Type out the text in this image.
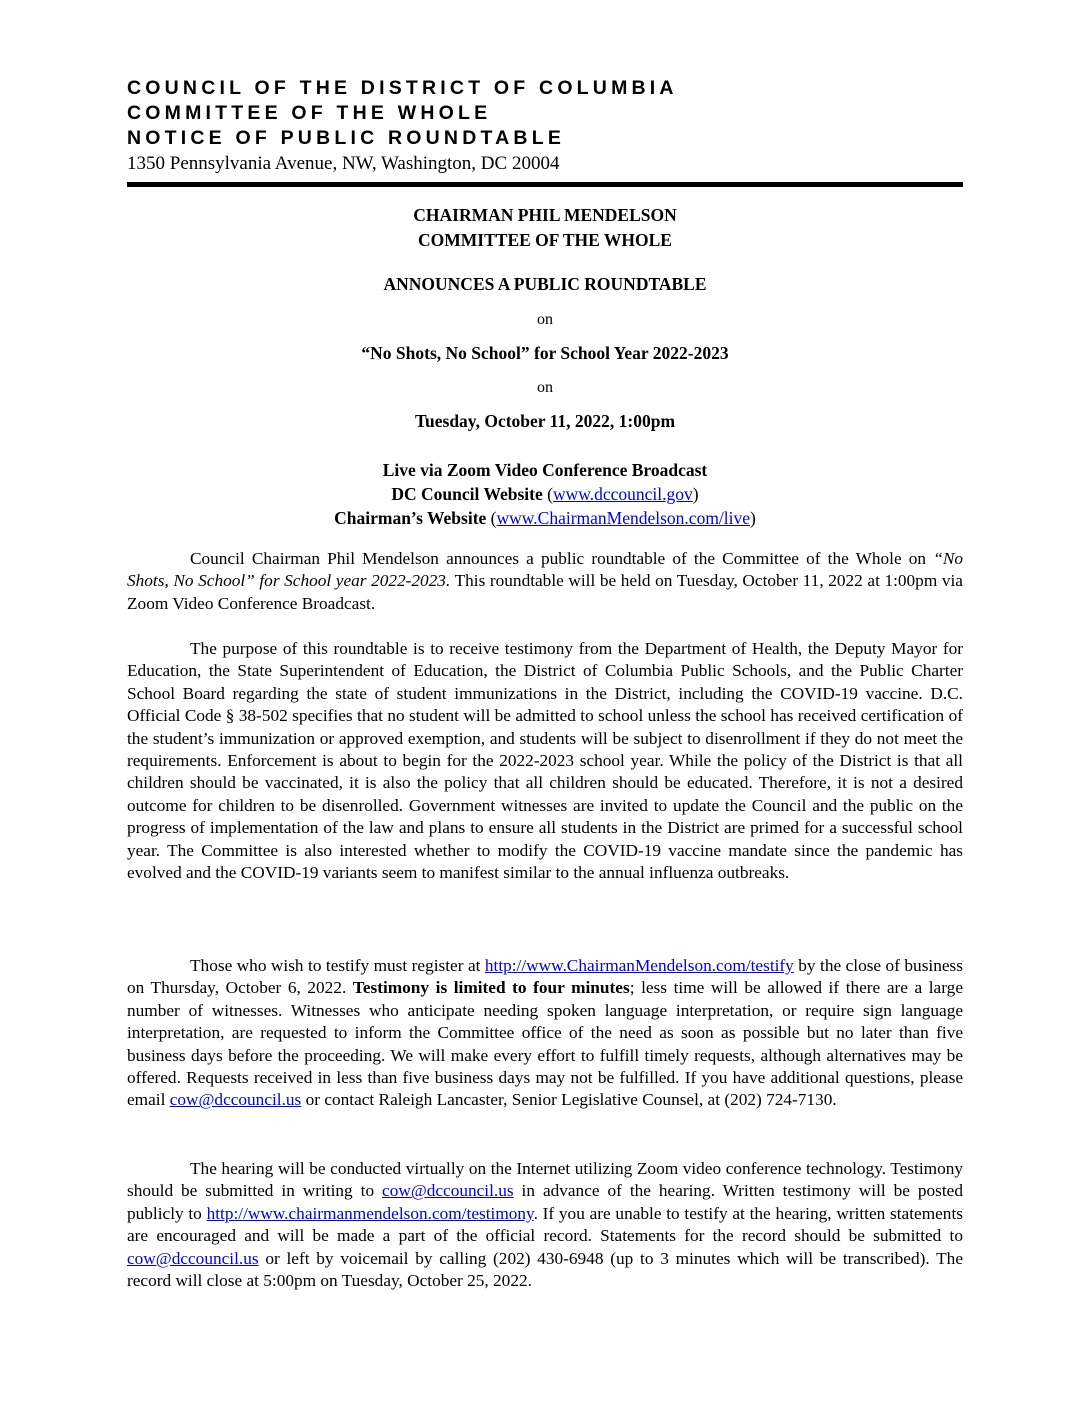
COUNCIL OF THE DISTRICT OF COLUMBIA
COMMITTEE OF THE WHOLE
NOTICE OF PUBLIC ROUNDTABLE
1350 Pennsylvania Avenue, NW, Washington, DC 20004
CHAIRMAN PHIL MENDELSON
COMMITTEE OF THE WHOLE
ANNOUNCES A PUBLIC ROUNDTABLE
on
“No Shots, No School” for School Year 2022-2023
on
Tuesday, October 11, 2022, 1:00pm
Live via Zoom Video Conference Broadcast
DC Council Website (www.dccouncil.gov)
Chairman’s Website (www.ChairmanMendelson.com/live)

Council Chairman Phil Mendelson announces a public roundtable of the Committee of the Whole on “No Shots, No School” for School year 2022-2023. This roundtable will be held on Tuesday, October 11, 2022 at 1:00pm via Zoom Video Conference Broadcast.

The purpose of this roundtable is to receive testimony from the Department of Health, the Deputy Mayor for Education, the State Superintendent of Education, the District of Columbia Public Schools, and the Public Charter School Board regarding the state of student immunizations in the District, including the COVID-19 vaccine. D.C. Official Code § 38-502 specifies that no student will be admitted to school unless the school has received certification of the student’s immunization or approved exemption, and students will be subject to disenrollment if they do not meet the requirements. Enforcement is about to begin for the 2022-2023 school year. While the policy of the District is that all children should be vaccinated, it is also the policy that all children should be educated. Therefore, it is not a desired outcome for children to be disenrolled. Government witnesses are invited to update the Council and the public on the progress of implementation of the law and plans to ensure all students in the District are primed for a successful school year. The Committee is also interested whether to modify the COVID-19 vaccine mandate since the pandemic has evolved and the COVID-19 variants seem to manifest similar to the annual influenza outbreaks.

Those who wish to testify must register at http://www.ChairmanMendelson.com/testify by the close of business on Thursday, October 6, 2022. Testimony is limited to four minutes; less time will be allowed if there are a large number of witnesses. Witnesses who anticipate needing spoken language interpretation, or require sign language interpretation, are requested to inform the Committee office of the need as soon as possible but no later than five business days before the proceeding. We will make every effort to fulfill timely requests, although alternatives may be offered. Requests received in less than five business days may not be fulfilled. If you have additional questions, please email cow@dccouncil.us or contact Raleigh Lancaster, Senior Legislative Counsel, at (202) 724-7130.

The hearing will be conducted virtually on the Internet utilizing Zoom video conference technology. Testimony should be submitted in writing to cow@dccouncil.us in advance of the hearing. Written testimony will be posted publicly to http://www.chairmanmendelson.com/testimony. If you are unable to testify at the hearing, written statements are encouraged and will be made a part of the official record. Statements for the record should be submitted to cow@dccouncil.us or left by voicemail by calling (202) 430-6948 (up to 3 minutes which will be transcribed). The record will close at 5:00pm on Tuesday, October 25, 2022.
